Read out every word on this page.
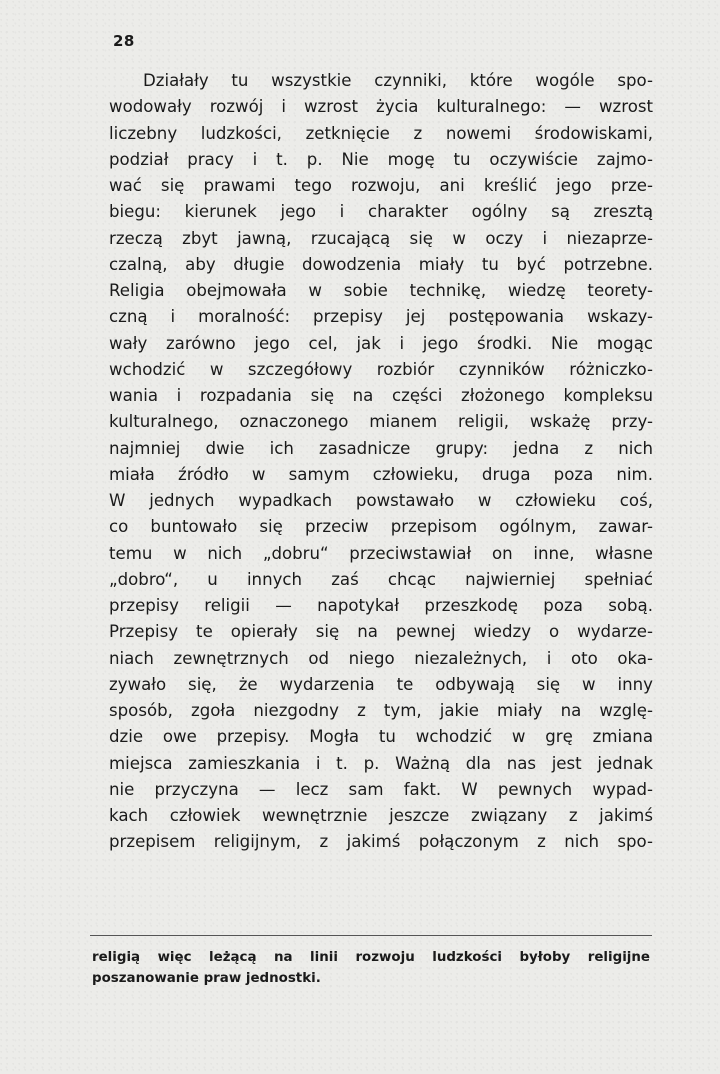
28
Działały tu wszystkie czynniki, które wogóle spo-
wodowały rozwój i wzrost życia kulturalnego: — wzrost
liczebny ludzkości, zetknięcie z nowemi środowiskami,
podział pracy i t. p. Nie mogę tu oczywiście zajmo-
wać się prawami tego rozwoju, ani kreślić jego prze-
biegu: kierunek jego i charakter ogólny są zresztą
rzeczą zbyt jawną, rzucającą się w oczy i niezaprze-
czalną, aby długie dowodzenia miały tu być potrzebne.
Religia obejmowała w sobie technikę, wiedzę teorety-
czną i moralność: przepisy jej postępowania wskazy-
wały zarówno jego cel, jak i jego środki. Nie mogąc
wchodzić w szczegółowy rozbiór czynników różniczko-
wania i rozpadania się na części złożonego kompleksu
kulturalnego, oznaczonego mianem religii, wskażę przy-
najmniej dwie ich zasadnicze grupy: jedna z nich
miała źródło w samym człowieku, druga poza nim.
W jednych wypadkach powstawało w człowieku coś,
co buntowało się przeciw przepisom ogólnym, zawar-
temu w nich „dobru“ przeciwstawiał on inne, własne
„dobro“, u innych zaś chcąc najwierniej spełniać
przepisy religii — napotykał przeszkodę poza sobą.
Przepisy te opierały się na pewnej wiedzy o wydarze-
niach zewnętrznych od niego niezależnych, i oto oka-
zywało się, że wydarzenia te odbywają się w inny
sposób, zgoła niezgodny z tym, jakie miały na wzglę-
dzie owe przepisy. Mogła tu wchodzić w grę zmiana
miejsca zamieszkania i t. p. Ważną dla nas jest jednak
nie przyczyna — lecz sam fakt. W pewnych wypad-
kach człowiek wewnętrznie jeszcze związany z jakimś
przepisem religijnym, z jakimś połączonym z nich spo-
religią więc leżącą na linii rozwoju ludzkości byłoby religijne
poszanowanie praw jednostki.
